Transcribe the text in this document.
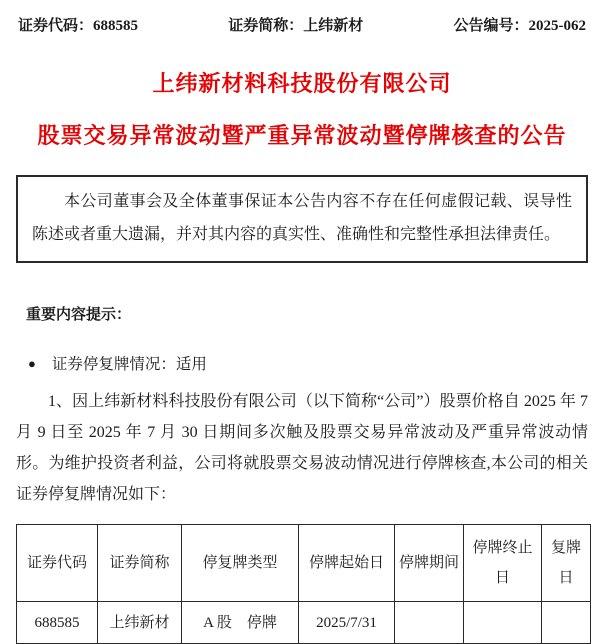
证券代码：688585	证券简称：上纬新材	公告编号：2025-062
上纬新材料科技股份有限公司
股票交易异常波动暨严重异常波动暨停牌核查的公告

本公司董事会及全体董事保证本公告内容不存在任何虚假记载、误导性陈述或者重大遗漏，并对其内容的真实性、准确性和完整性承担法律责任。

重要内容提示：
● 证券停复牌情况：适用

1、因上纬新材料科技股份有限公司（以下简称“公司”）股票价格自 2025 年 7 月 9 日至 2025 年 7 月 30 日期间多次触及股票交易异常波动及严重异常波动情形。为维护投资者利益，公司将就股票交易波动情况进行停牌核查,本公司的相关证券停复牌情况如下：

证券代码	证券简称	停复牌类型	停牌起始日	停牌期间	停牌终止日	复牌日
688585	上纬新材	A 股　停牌	2025/7/31			
